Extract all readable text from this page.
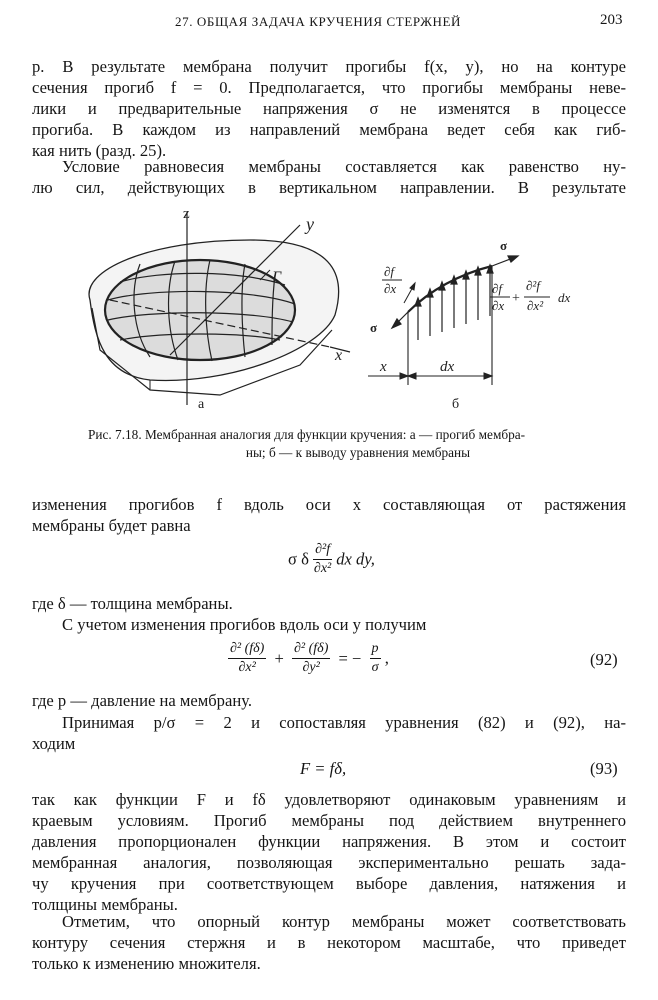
27. ОБЩАЯ ЗАДАЧА КРУЧЕНИЯ СТЕРЖНЕЙ	203
p. В результате мембрана получит прогибы f(x, y), но на контуре
сечения прогиб f = 0. Предполагается, что прогибы мембраны неве-
лики и предварительные напряжения σ не изменятся в процессе
прогиба. В каждом из направлений мембрана ведет себя как гиб-
кая нить (разд. 25).
Условие равновесия мембраны составляется как равенство ну-
лю сил, действующих в вертикальном направлении. В результате
z	y
Г
x
а
σ
σ
∂f
∂x	∂f
∂x +
∂²f
∂x²
dx
x	dx
б
Рис. 7.18. Мембранная аналогия для функции кручения: а — прогиб мембра-
ны; б — к выводу уравнения мембраны
изменения прогибов f вдоль оси x составляющая от растяжения
мембраны будет равна
σ δ $\frac{\text{∂²f}}{\text{∂x²}}$ dx dy,
где δ — толщина мембраны.
С учетом изменения прогибов вдоль оси y получим
$\frac{\text{∂² (fδ)}}{\text{∂x²}} + \frac{\text{∂² (fδ)}}{\text{∂y²}}$ = − $\frac{p}{\sigma}$ ,	(92)
где p — давление на мембрану.
Принимая p/σ = 2 и сопоставляя уравнения (82) и (92), на-
ходим
F = fδ,	(93)
так как функции F и fδ удовлетворяют одинаковым уравнениям и
краевым условиям. Прогиб мембраны под действием внутреннего
давления пропорционален функции напряжения. В этом и состоит
мембранная аналогия, позволяющая экспериментально решать зада-
чу кручения при соответствующем выборе давления, натяжения и
толщины мембраны.
Отметим, что опорный контур мембраны может соответствовать
контуру сечения стержня и в некотором масштабе, что приведет
только к изменению множителя.
